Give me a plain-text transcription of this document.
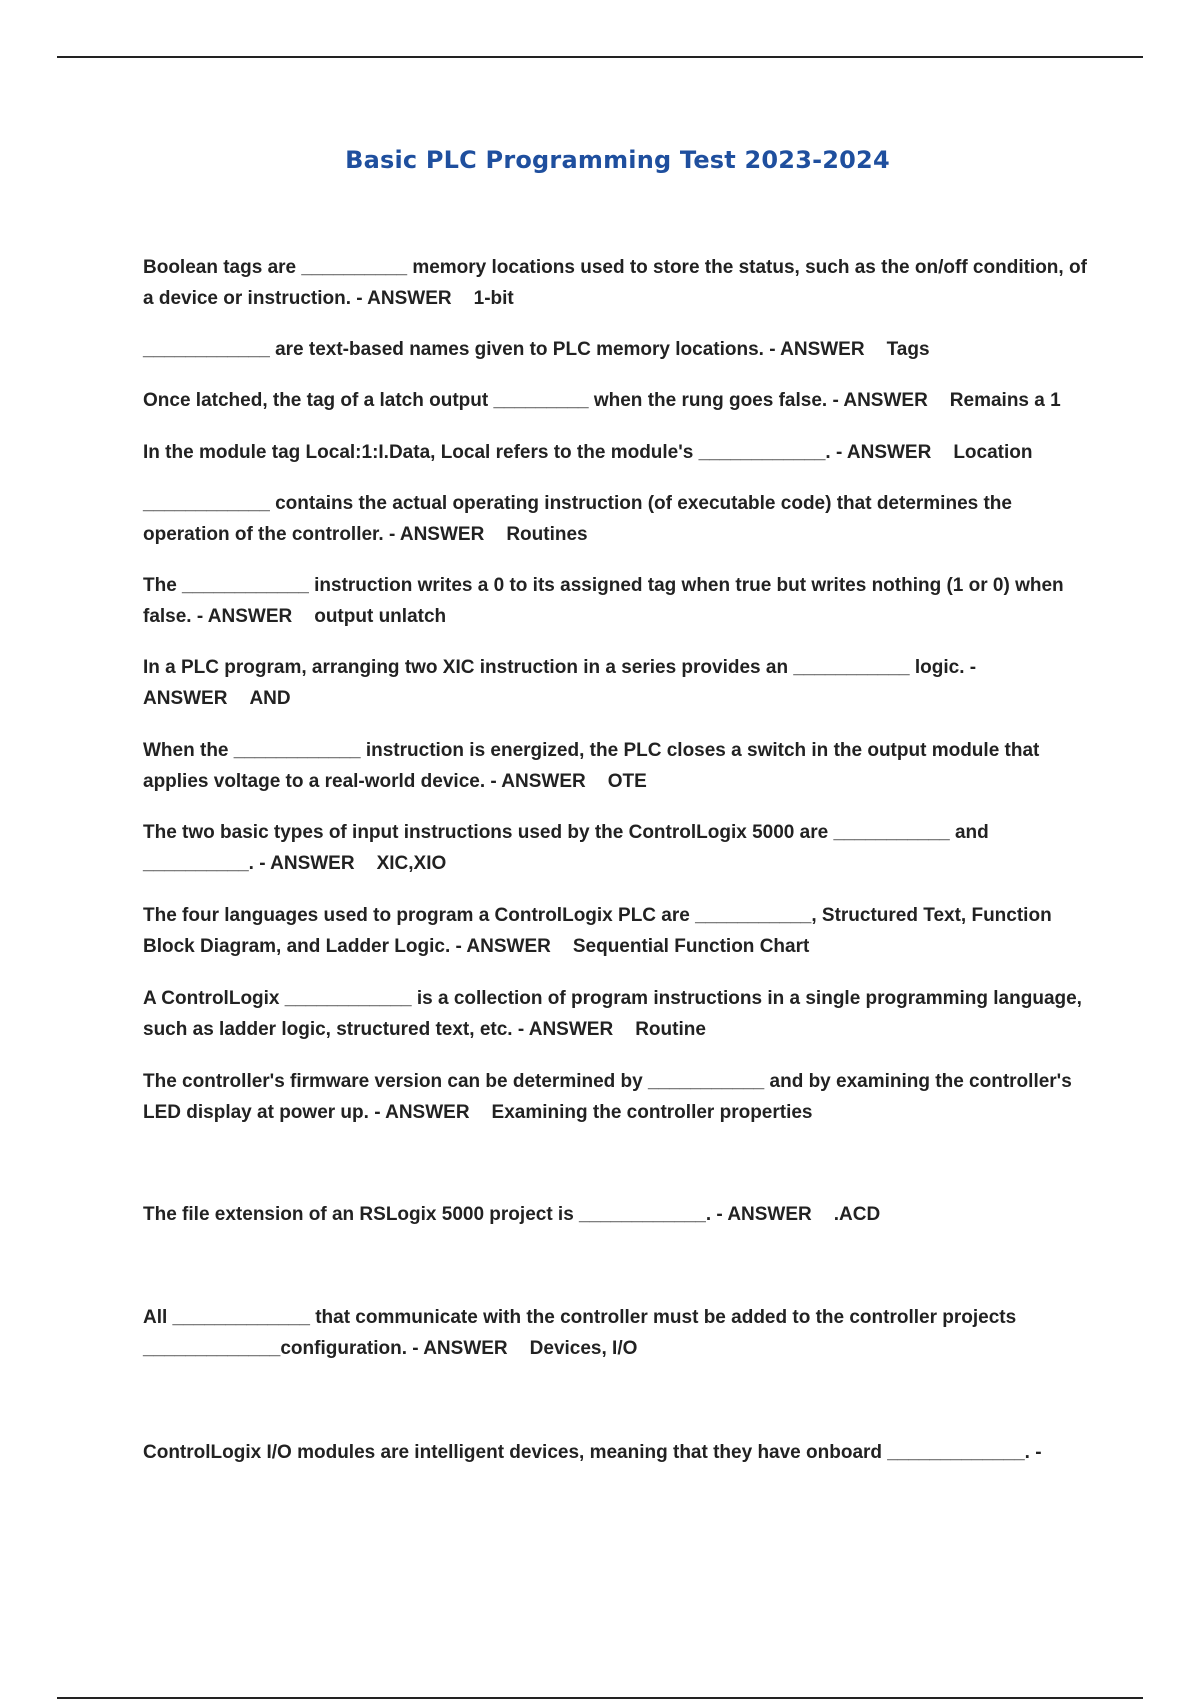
Basic PLC Programming Test 2023-2024
Boolean tags are __________ memory locations used to store the status, such as the on/off condition, of a device or instruction. - ANSWER 1-bit
____________ are text-based names given to PLC memory locations. - ANSWER Tags
Once latched, the tag of a latch output _________ when the rung goes false. - ANSWER Remains a 1
In the module tag Local:1:I.Data, Local refers to the module's ____________. - ANSWER Location
____________ contains the actual operating instruction (of executable code) that determines the operation of the controller. - ANSWER Routines
The ____________ instruction writes a 0 to its assigned tag when true but writes nothing (1 or 0) when false. - ANSWER output unlatch
In a PLC program, arranging two XIC instruction in a series provides an ___________ logic. - ANSWER AND
When the ____________ instruction is energized, the PLC closes a switch in the output module that applies voltage to a real-world device. - ANSWER OTE
The two basic types of input instructions used by the ControlLogix 5000 are ___________ and __________. - ANSWER XIC,XIO
The four languages used to program a ControlLogix PLC are ___________, Structured Text, Function Block Diagram, and Ladder Logic. - ANSWER Sequential Function Chart
A ControlLogix ____________ is a collection of program instructions in a single programming language, such as ladder logic, structured text, etc. - ANSWER Routine
The controller's firmware version can be determined by ___________ and by examining the controller's LED display at power up. - ANSWER Examining the controller properties
The file extension of an RSLogix 5000 project is ____________. - ANSWER .ACD
All _____________ that communicate with the controller must be added to the controller projects _____________configuration. - ANSWER Devices, I/O
ControlLogix I/O modules are intelligent devices, meaning that they have onboard _____________. -
